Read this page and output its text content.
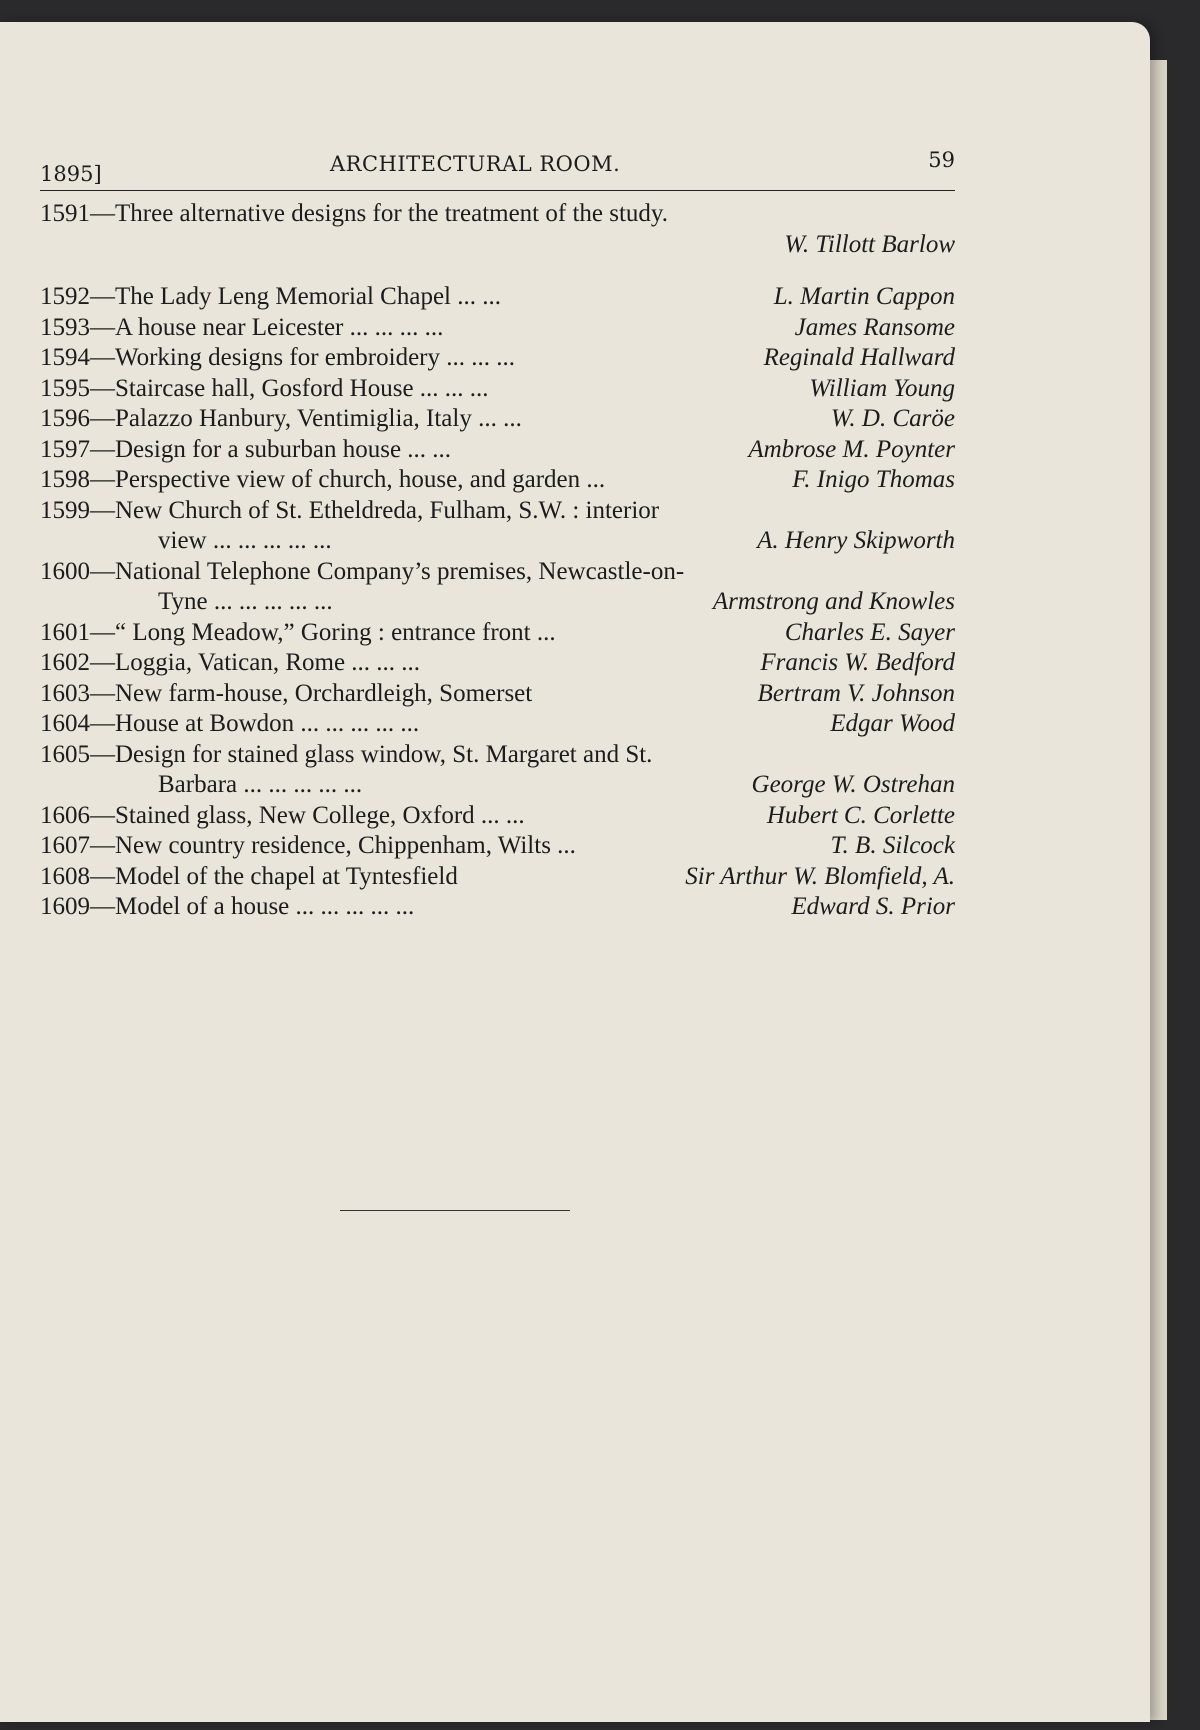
1895]	ARCHITECTURAL ROOM.	59
1591—Three alternative designs for the treatment of the study.
W. Tillott Barlow
1592—The Lady Leng Memorial Chapel ... ...	L. Martin Cappon
1593—A house near Leicester ... ... ... ...	James Ransome
1594—Working designs for embroidery ... ... ...	Reginald Hallward
1595—Staircase hall, Gosford House ... ... ...	William Young
1596—Palazzo Hanbury, Ventimiglia, Italy ... ...	W. D. Caröe
1597—Design for a suburban house ... ...	Ambrose M. Poynter
1598—Perspective view of church, house, and garden ...	F. Inigo Thomas
1599—New Church of St. Etheldreda, Fulham, S.W. : interior
view ... ... ... ... ...	A. Henry Skipworth
1600—National Telephone Company’s premises, Newcastle-on-
Tyne ... ... ... ... ...	Armstrong and Knowles
1601—“ Long Meadow,” Goring : entrance front ...	Charles E. Sayer
1602—Loggia, Vatican, Rome ... ... ...	Francis W. Bedford
1603—New farm-house, Orchardleigh, Somerset	Bertram V. Johnson
1604—House at Bowdon ... ... ... ... ...	Edgar Wood
1605—Design for stained glass window, St. Margaret and St.
Barbara ... ... ... ... ...	George W. Ostrehan
1606—Stained glass, New College, Oxford ... ...	Hubert C. Corlette
1607—New country residence, Chippenham, Wilts ...	T. B. Silcock
1608—Model of the chapel at Tyntesfield	Sir Arthur W. Blomfield, A.
1609—Model of a house ... ... ... ... ...	Edward S. Prior
